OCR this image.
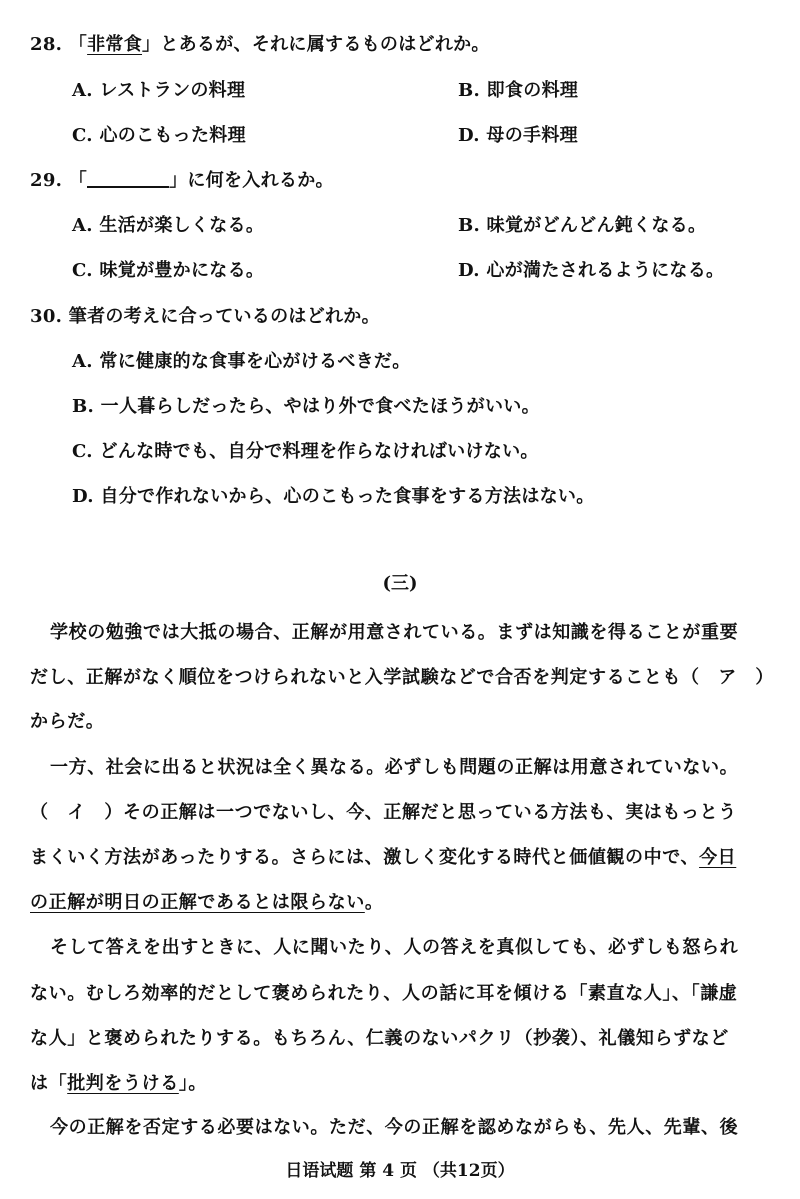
28. 「非常食」とあるが、それに属するものはどれか。
A. レストランの料理	B. 即食の料理
C. 心のこもった料理	D. 母の手料理
29. 「	」に何を入れるか。
A. 生活が楽しくなる。	B. 味覚がどんどん鈍くなる。
C. 味覚が豊かになる。	D. 心が満たされるようになる。
30. 筆者の考えに合っているのはどれか。
A. 常に健康的な食事を心がけるべきだ。
B. 一人暮らしだったら、やはり外で食べたほうがいい。
C. どんな時でも、自分で料理を作らなければいけない。
D. 自分で作れないから、心のこもった食事をする方法はない。
(三)
学校の勉強では大抵の場合、正解が用意されている。まずは知識を得ることが重要
だし、正解がなく順位をつけられないと入学試験などで合否を判定することも（　ア　）
からだ。
一方、社会に出ると状況は全く異なる。必ずしも問題の正解は用意されていない。
（　イ　）その正解は一つでないし、今、正解だと思っている方法も、実はもっとう
まくいく方法があったりする。さらには、激しく変化する時代と価値観の中で、今日
の正解が明日の正解であるとは限らない。
そして答えを出すときに、人に聞いたり、人の答えを真似しても、必ずしも怒られ
ない。むしろ効率的だとして褒められたり、人の話に耳を傾ける「素直な人」、「謙虚
な人」と褒められたりする。もちろん、仁義のないパクリ（抄袭）、礼儀知らずなど
は「批判をうける」。
今の正解を否定する必要はない。ただ、今の正解を認めながらも、先人、先輩、後
日语试题 第 4 页 （共12页）
